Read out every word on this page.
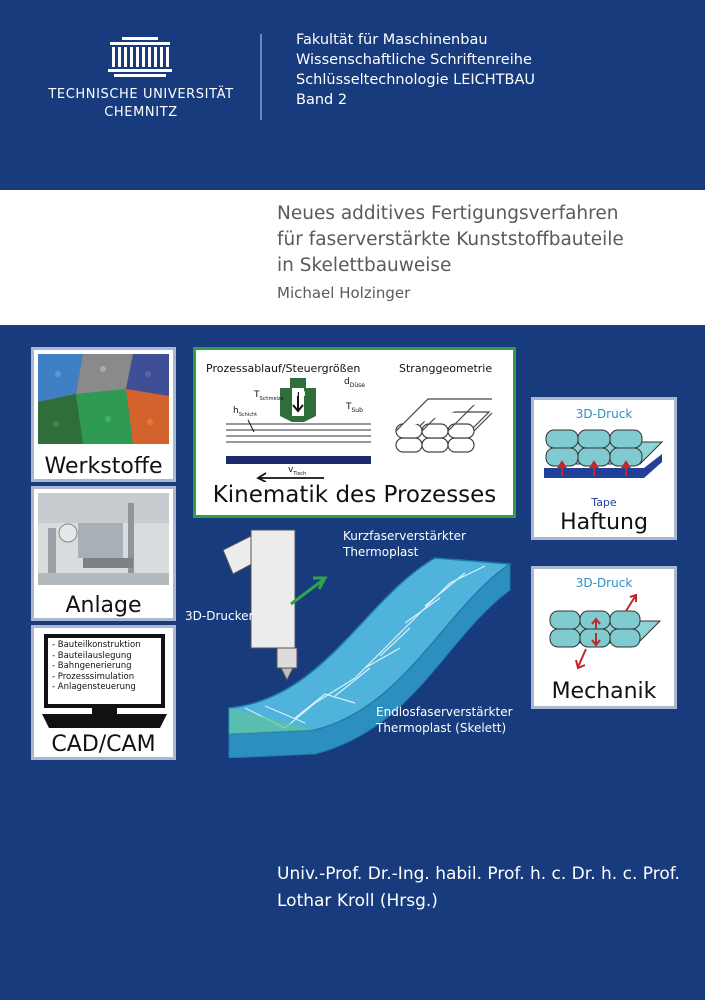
TECHNISCHE UNIVERSITÄT
CHEMNITZ
Fakultät für Maschinenbau
Wissenschaftliche Schriftenreihe
Schlüsseltechnologie LEICHTBAU
Band 2
Neues additives Fertigungsverfahren
für faserverstärkte Kunststoffbauteile
in Skelettbauweise
Michael Holzinger
Werkstoffe
Anlage
- Bauteilkonstruktion
- Bauteilauslegung
- Bahngenerierung
- Prozesssimulation
- Anlagensteuerung
CAD/CAM
Prozessablauf/Steuergrößen	Stranggeometrie
$d_{Düse}$
$T_{Schmelze}$ ṁ
$h_{Schicht}$
$T_{Sub}$
$v_{Tisch}$
Kinematik des Prozesses
3D-Druck
Tape
Haftung
3D-Druck
Mechanik
3D-Drucker
Kurzfaserverstärkter
Thermoplast
Endlosfaserverstärkter
Thermoplast (Skelett)
Univ.-Prof. Dr.-Ing. habil. Prof. h. c. Dr. h. c. Prof.
Lothar Kroll (Hrsg.)
